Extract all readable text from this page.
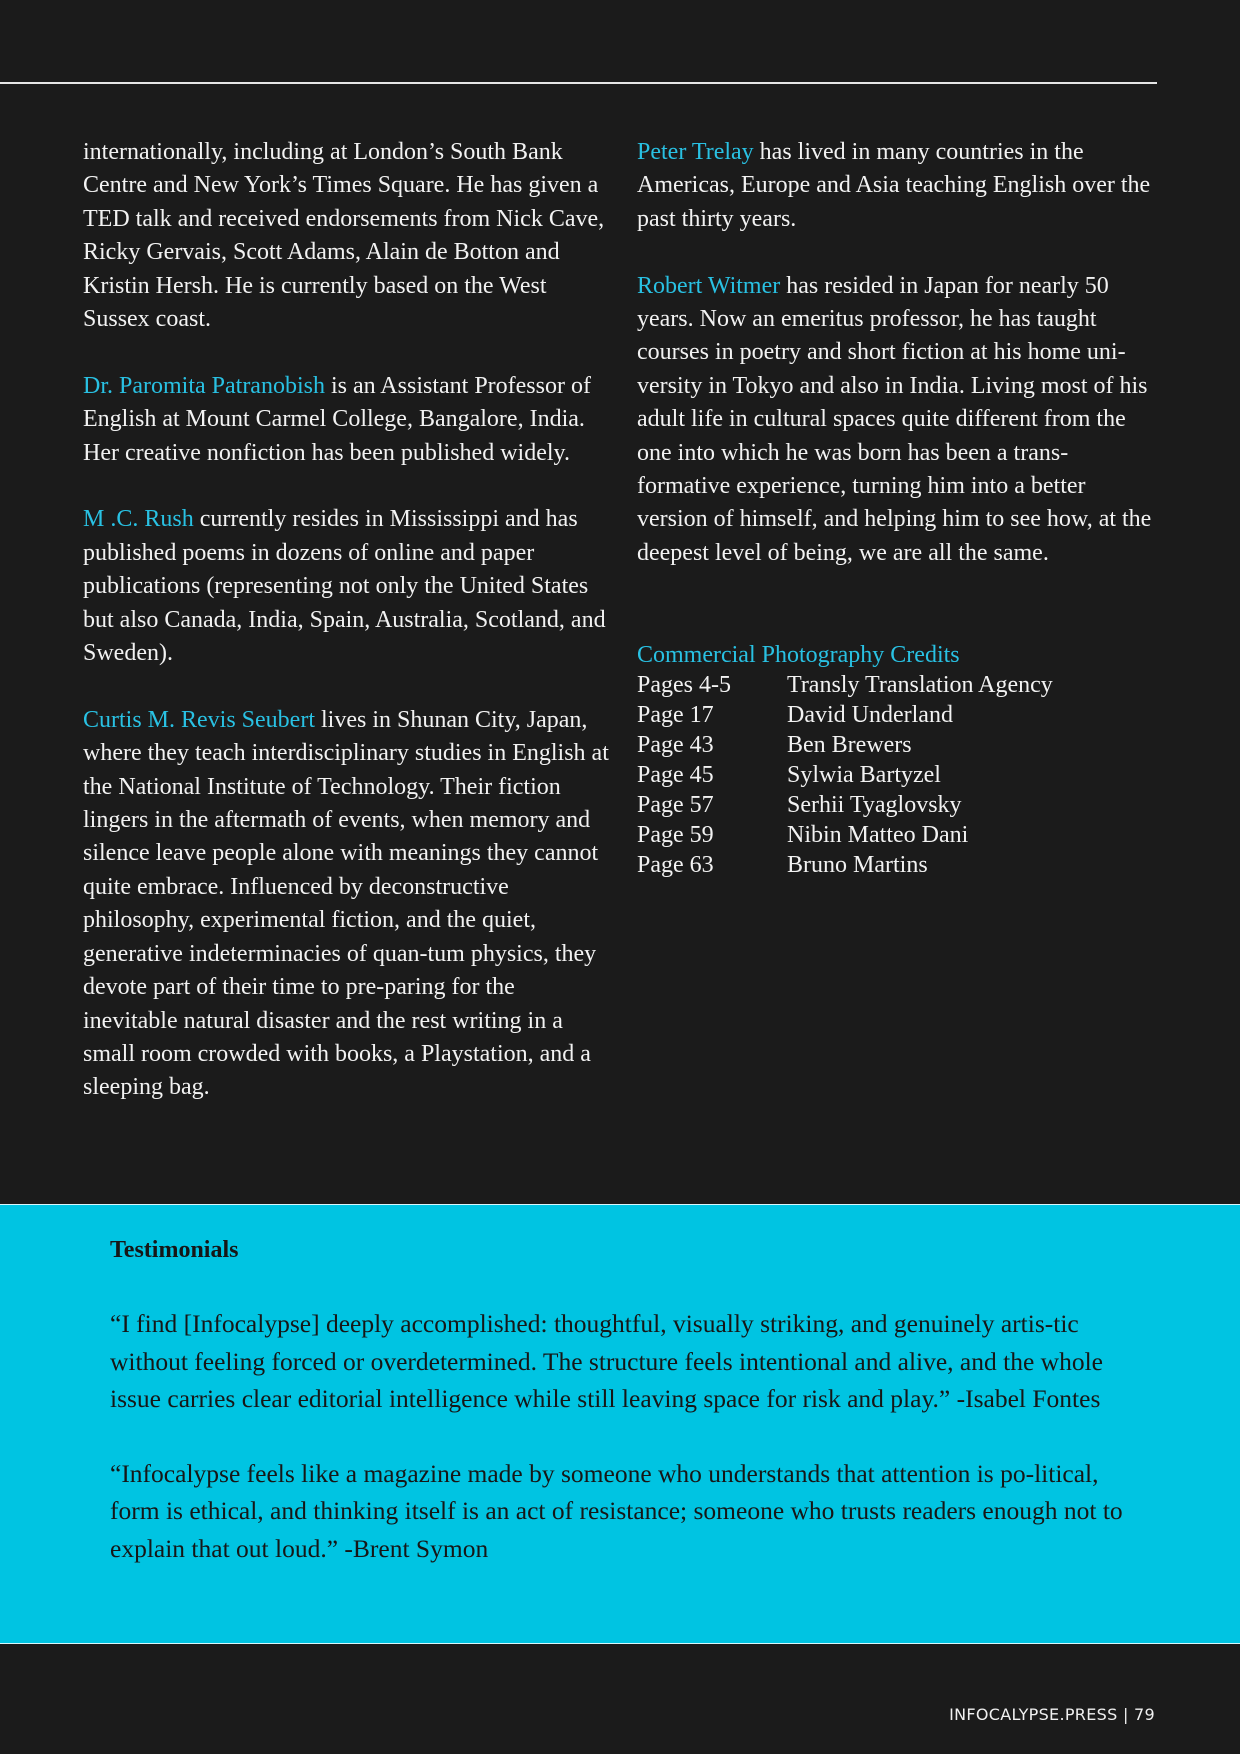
internationally, including at London’s South Bank Centre and New York’s Times Square. He has given a TED talk and received endorsements from Nick Cave, Ricky Gervais, Scott Adams, Alain de Botton and Kristin Hersh. He is currently based on the West Sussex coast.

Dr. Paromita Patranobish is an Assistant Professor of English at Mount Carmel College, Bangalore, India. Her creative nonfiction has been published widely.

M .C. Rush currently resides in Mississippi and has published poems in dozens of online and paper publications (representing not only the United States but also Canada, India, Spain, Australia, Scotland, and Sweden).

Curtis M. Revis Seubert lives in Shunan City, Japan, where they teach interdisciplinary studies in English at the National Institute of Technology. Their fiction lingers in the aftermath of events, when memory and silence leave people alone with meanings they cannot quite embrace. Influenced by deconstructive philosophy, experimental fiction, and the quiet, generative indeterminacies of quan-tum physics, they devote part of their time to pre-paring for the inevitable natural disaster and the rest writing in a small room crowded with books, a Playstation, and a sleeping bag.

Peter Trelay has lived in many countries in the Americas, Europe and Asia teaching English over the past thirty years.

Robert Witmer has resided in Japan for nearly 50 years. Now an emeritus professor, he has taught courses in poetry and short fiction at his home uni-versity in Tokyo and also in India. Living most of his adult life in cultural spaces quite different from the one into which he was born has been a trans-formative experience, turning him into a better version of himself, and helping him to see how, at the deepest level of being, we are all the same.

Commercial Photography Credits
Pages 4-5	Transly Translation Agency
Page 17	David Underland
Page 43	Ben Brewers
Page 45	Sylwia Bartyzel
Page 57	Serhii Tyaglovsky
Page 59	Nibin Matteo Dani
Page 63	Bruno Martins
Testimonials

“I find [Infocalypse] deeply accomplished: thoughtful, visually striking, and genuinely artis-tic without feeling forced or overdetermined. The structure feels intentional and alive, and the whole issue carries clear editorial intelligence while still leaving space for risk and play.” -Isabel Fontes

“Infocalypse feels like a magazine made by someone who understands that attention is po-litical, form is ethical, and thinking itself is an act of resistance; someone who trusts readers enough not to explain that out loud.” -Brent Symon

INFOCALYPSE.PRESS | 79
